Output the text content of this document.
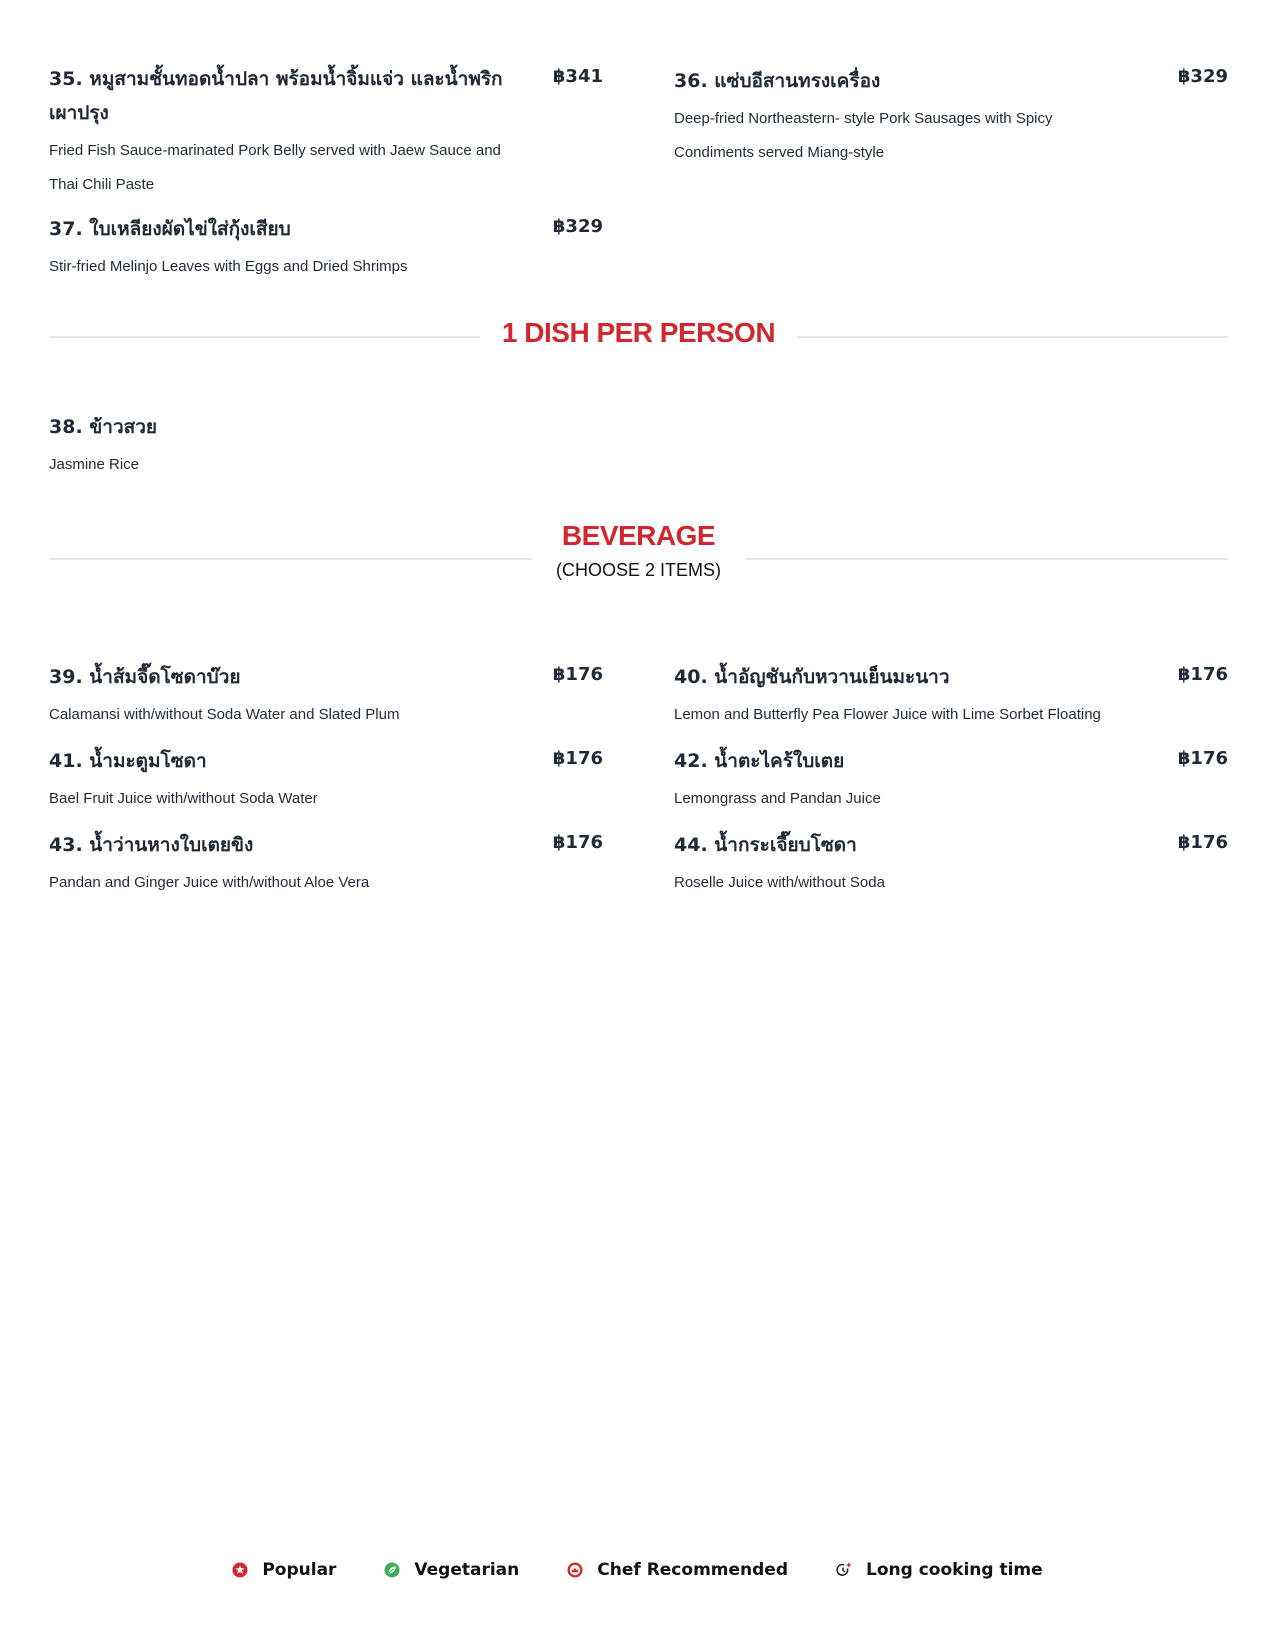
35. หมูสามชั้นทอดน้ำปลา พร้อมน้ำจิ้มแจ่ว และน้ำพริกเผาปรุง
฿341
Fried Fish Sauce-marinated Pork Belly served with Jaew Sauce and Thai Chili Paste
36. แซ่บอีสานทรงเครื่อง	฿329
Deep-fried Northeastern- style Pork Sausages with Spicy Condiments served Miang-style
37. ใบเหลียงผัดไข่ใส่กุ้งเสียบ	฿329
Stir-fried Melinjo Leaves with Eggs and Dried Shrimps
1 DISH PER PERSON
38. ข้าวสวย
Jasmine Rice
BEVERAGE
(CHOOSE 2 ITEMS)
39. น้ำส้มจี๊ดโซดาบ๊วย	฿176
Calamansi with/without Soda Water and Slated Plum
40. น้ำอัญชันกับหวานเย็นมะนาว	฿176
Lemon and Butterfly Pea Flower Juice with Lime Sorbet Floating
41. น้ำมะตูมโซดา	฿176
Bael Fruit Juice with/without Soda Water
42. น้ำตะไคร้ใบเตย	฿176
Lemongrass and Pandan Juice
43. น้ำว่านหางใบเตยขิง	฿176
Pandan and Ginger Juice with/without Aloe Vera
44. น้ำกระเจี๊ยบโซดา	฿176
Roselle Juice with/without Soda
Popular	Vegetarian	Chef Recommended	Long cooking time
